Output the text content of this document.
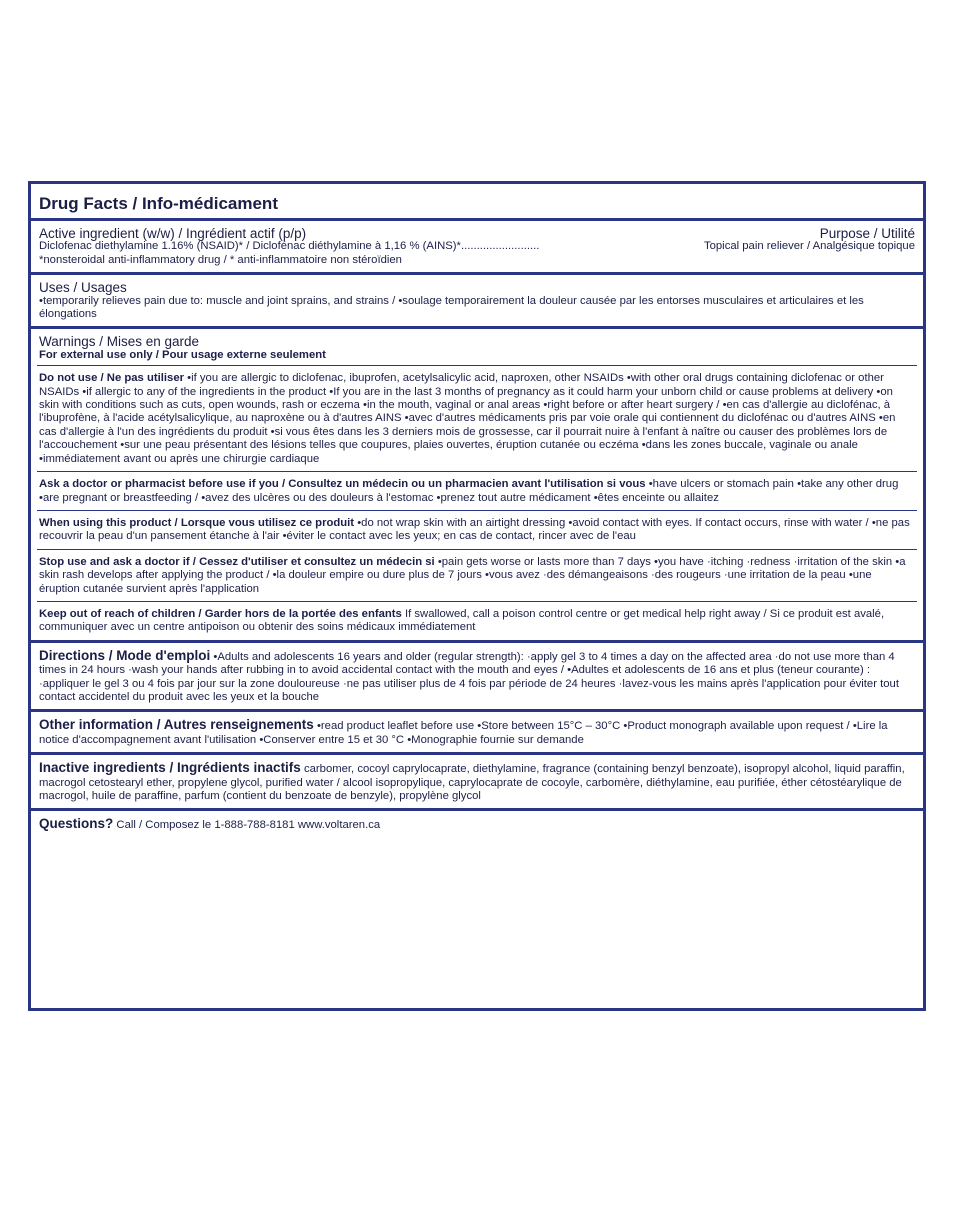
Drug Facts / Info-médicament
Active ingredient (w/w) / Ingrédient actif (p/p)	Purpose / Utilité
Diclofenac diethylamine 1.16% (NSAID)* / Diclofénac diéthylamine à 1,16 % (AINS)*.........................	Topical pain reliever / Analgésique topique
*nonsteroidal anti-inflammatory drug / * anti-inflammatoire non stéroïdien
Uses / Usages
•temporarily relieves pain due to: muscle and joint sprains, and strains / •soulage temporairement la douleur causée par les entorses musculaires et articulaires et les élongations
Warnings / Mises en garde
For external use only / Pour usage externe seulement
Do not use / Ne pas utiliser •if you are allergic to diclofenac, ibuprofen, acetylsalicylic acid, naproxen, other NSAIDs •with other oral drugs containing diclofenac or other NSAIDs •if allergic to any of the ingredients in the product •If you are in the last 3 months of pregnancy as it could harm your unborn child or cause problems at delivery •on skin with conditions such as cuts, open wounds, rash or eczema •in the mouth, vaginal or anal areas •right before or after heart surgery / •en cas d'allergie au diclofénac, à l'ibuprofène, à l'acide acétylsalicylique, au naproxène ou à d'autres AINS •avec d'autres médicaments pris par voie orale qui contiennent du diclofénac ou d'autres AINS •en cas d'allergie à l'un des ingrédients du produit •si vous êtes dans les 3 derniers mois de grossesse, car il pourrait nuire à l'enfant à naître ou causer des problèmes lors de l'accouchement •sur une peau présentant des lésions telles que coupures, plaies ouvertes, éruption cutanée ou eczéma •dans les zones buccale, vaginale ou anale •immédiatement avant ou après une chirurgie cardiaque
Ask a doctor or pharmacist before use if you / Consultez un médecin ou un pharmacien avant l'utilisation si vous •have ulcers or stomach pain •take any other drug •are pregnant or breastfeeding / •avez des ulcères ou des douleurs à l'estomac •prenez tout autre médicament •êtes enceinte ou allaitez
When using this product / Lorsque vous utilisez ce produit •do not wrap skin with an airtight dressing •avoid contact with eyes. If contact occurs, rinse with water / •ne pas recouvrir la peau d'un pansement étanche à l'air •éviter le contact avec les yeux; en cas de contact, rincer avec de l'eau
Stop use and ask a doctor if / Cessez d'utiliser et consultez un médecin si •pain gets worse or lasts more than 7 days •you have ·itching ·redness ·irritation of the skin •a skin rash develops after applying the product / •la douleur empire ou dure plus de 7 jours •vous avez ·des démangeaisons ·des rougeurs ·une irritation de la peau •une éruption cutanée survient après l'application
Keep out of reach of children / Garder hors de la portée des enfants If swallowed, call a poison control centre or get medical help right away / Si ce produit est avalé, communiquer avec un centre antipoison ou obtenir des soins médicaux immédiatement
Directions / Mode d'emploi •Adults and adolescents 16 years and older (regular strength): ·apply gel 3 to 4 times a day on the affected area ·do not use more than 4 times in 24 hours ·wash your hands after rubbing in to avoid accidental contact with the mouth and eyes / •Adultes et adolescents de 16 ans et plus (teneur courante) : ·appliquer le gel 3 ou 4 fois par jour sur la zone douloureuse ·ne pas utiliser plus de 4 fois par période de 24 heures ·lavez-vous les mains après l'application pour éviter tout contact accidentel du produit avec les yeux et la bouche
Other information / Autres renseignements •read product leaflet before use •Store between 15°C – 30°C •Product monograph available upon request / •Lire la notice d'accompagnement avant l'utilisation •Conserver entre 15 et 30 °C •Monographie fournie sur demande
Inactive ingredients / Ingrédients inactifs carbomer, cocoyl caprylocaprate, diethylamine, fragrance (containing benzyl benzoate), isopropyl alcohol, liquid paraffin, macrogol cetostearyl ether, propylene glycol, purified water / alcool isopropylique, caprylocaprate de cocoyle, carbomère, diéthylamine, eau purifiée, éther cétostéarylique de macrogol, huile de paraffine, parfum (contient du benzoate de benzyle), propylène glycol
Questions? Call / Composez le 1-888-788-8181 www.voltaren.ca
